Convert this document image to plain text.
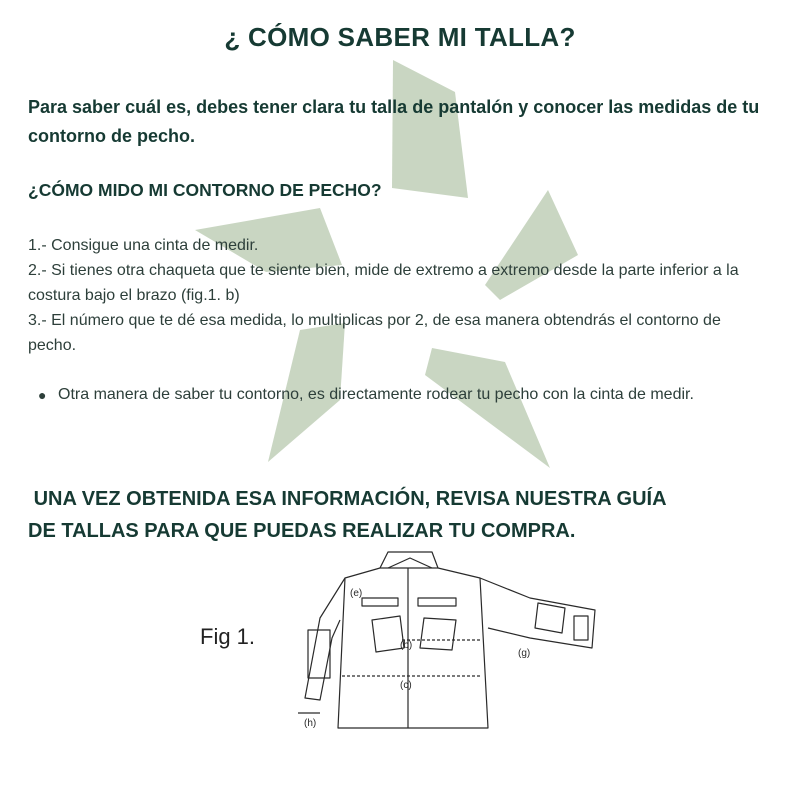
¿ CÓMO SABER MI TALLA?
Para saber cuál es, debes tener clara tu talla de pantalón y conocer las medidas de tu contorno de pecho.
¿CÓMO MIDO MI CONTORNO DE PECHO?

1.- Consigue una cinta de medir.

2.- Si tienes otra chaqueta que te siente bien, mide de extremo a extremo desde la parte inferior a la costura bajo el brazo (fig.1. b)

3.- El número que te dé esa medida, lo multiplicas por 2, de esa manera obtendrás el contorno de pecho.

● Otra manera de saber tu contorno, es directamente rodear tu pecho con la cinta de medir.
UNA VEZ OBTENIDA ESA INFORMACIÓN, REVISA NUESTRA GUÍA
DE TALLAS PARA QUE PUEDAS REALIZAR TU COMPRA.
Fig 1.
(e)
(b)
(c)
(g)
(h)
